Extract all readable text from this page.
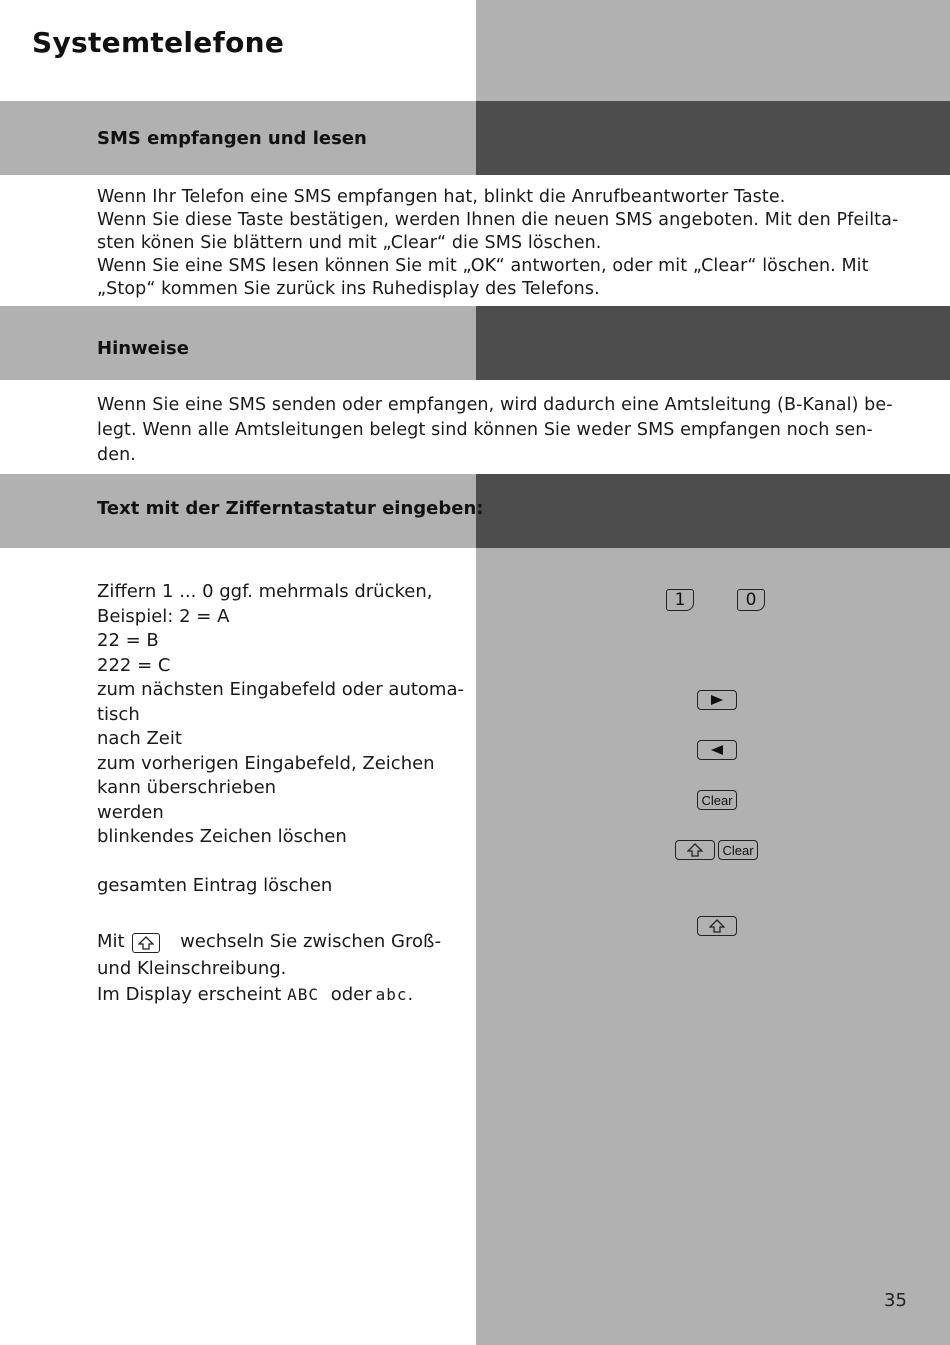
Systemtelefone
SMS empfangen und lesen
Wenn Ihr Telefon eine SMS empfangen hat, blinkt die Anrufbeantworter Taste.
Wenn Sie diese Taste bestätigen, werden Ihnen die neuen SMS angeboten. Mit den Pfeilta-
sten könen Sie blättern und mit „Clear“ die SMS löschen.
Wenn Sie eine SMS lesen können Sie mit „OK“ antworten, oder mit „Clear“ löschen. Mit
„Stop“ kommen Sie zurück ins Ruhedisplay des Telefons.
Hinweise
Wenn Sie eine SMS senden oder empfangen, wird dadurch eine Amtsleitung (B-Kanal) be-
legt. Wenn alle Amtsleitungen belegt sind können Sie weder SMS empfangen noch sen-
den.
Text mit der Zifferntastatur eingeben:
Ziffern 1 ... 0 ggf. mehrmals drücken,
Beispiel: 2 = A
22 = B
222 = C
zum nächsten Eingabefeld oder automa-
tisch
nach Zeit
zum vorherigen Eingabefeld, Zeichen
kann überschrieben
werden
blinkendes Zeichen löschen
gesamten Eintrag löschen
Mit	wechseln Sie zwischen Groß-
und Kleinschreibung.
Im Display erscheint ABC oder abc.
1	0
Clear
Clear
35
